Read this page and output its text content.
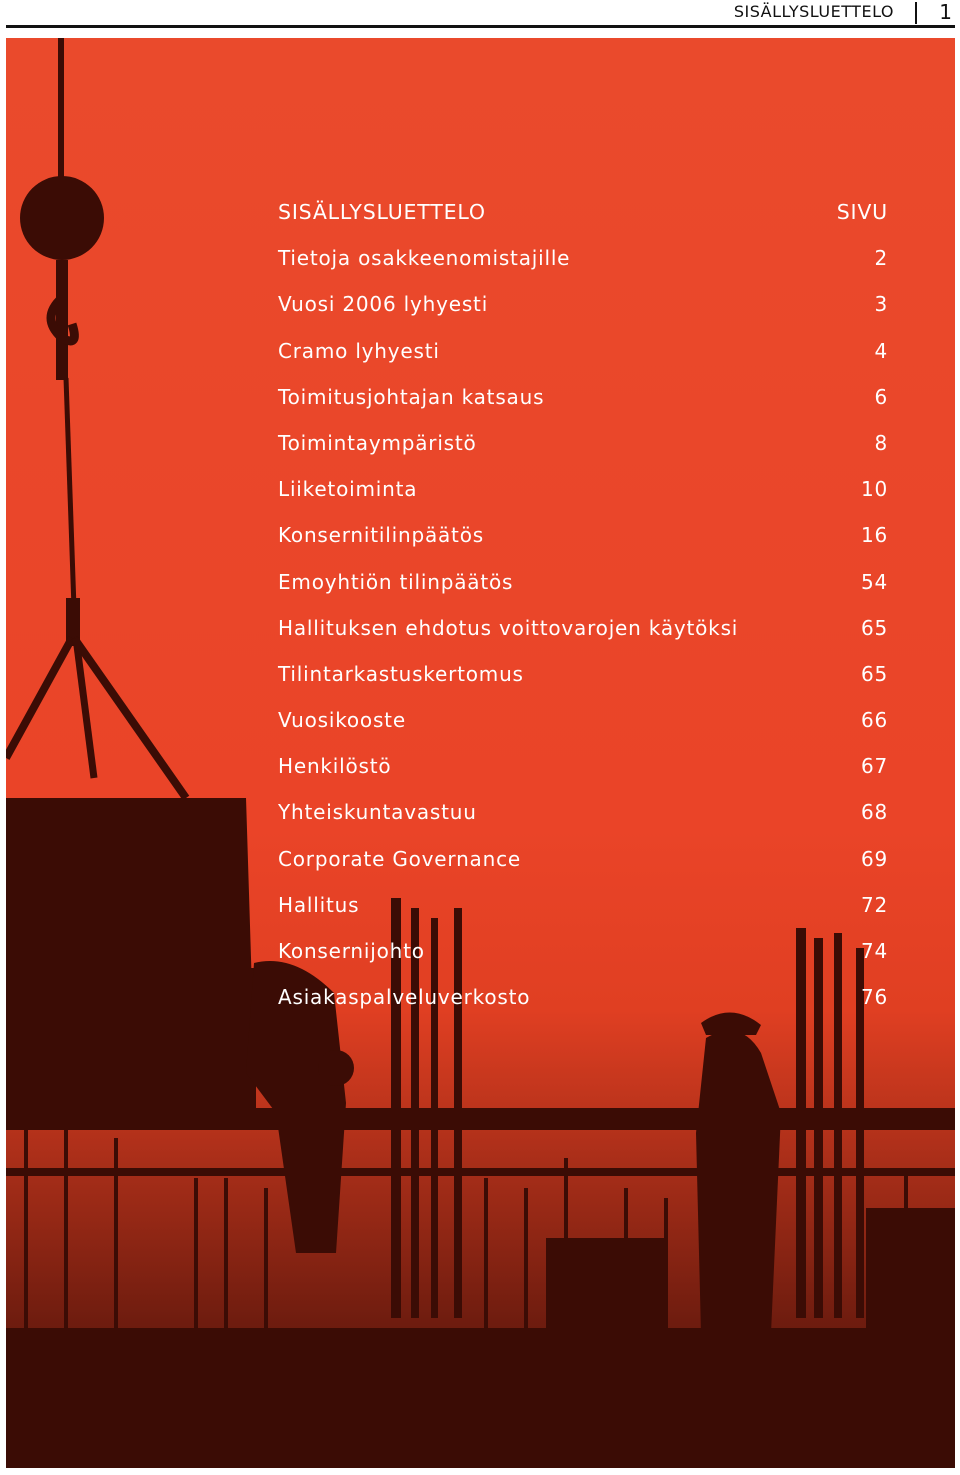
SISÄLLYSLUETTELO 1
SISÄLLYSLUETTELO	SIVU
Tietoja osakkeenomistajille	2
Vuosi 2006 lyhyesti	3
Cramo lyhyesti	4
Toimitusjohtajan katsaus	6
Toimintaympäristö	8
Liiketoiminta	10
Konsernitilinpäätös	16
Emoyhtiön tilinpäätös	54
Hallituksen ehdotus voittovarojen käytöksi	65
Tilintarkastuskertomus	65
Vuosikooste	66
Henkilöstö	67
Yhteiskuntavastuu	68
Corporate Governance	69
Hallitus	72
Konsernijohto	74
Asiakaspalveluverkosto	76
